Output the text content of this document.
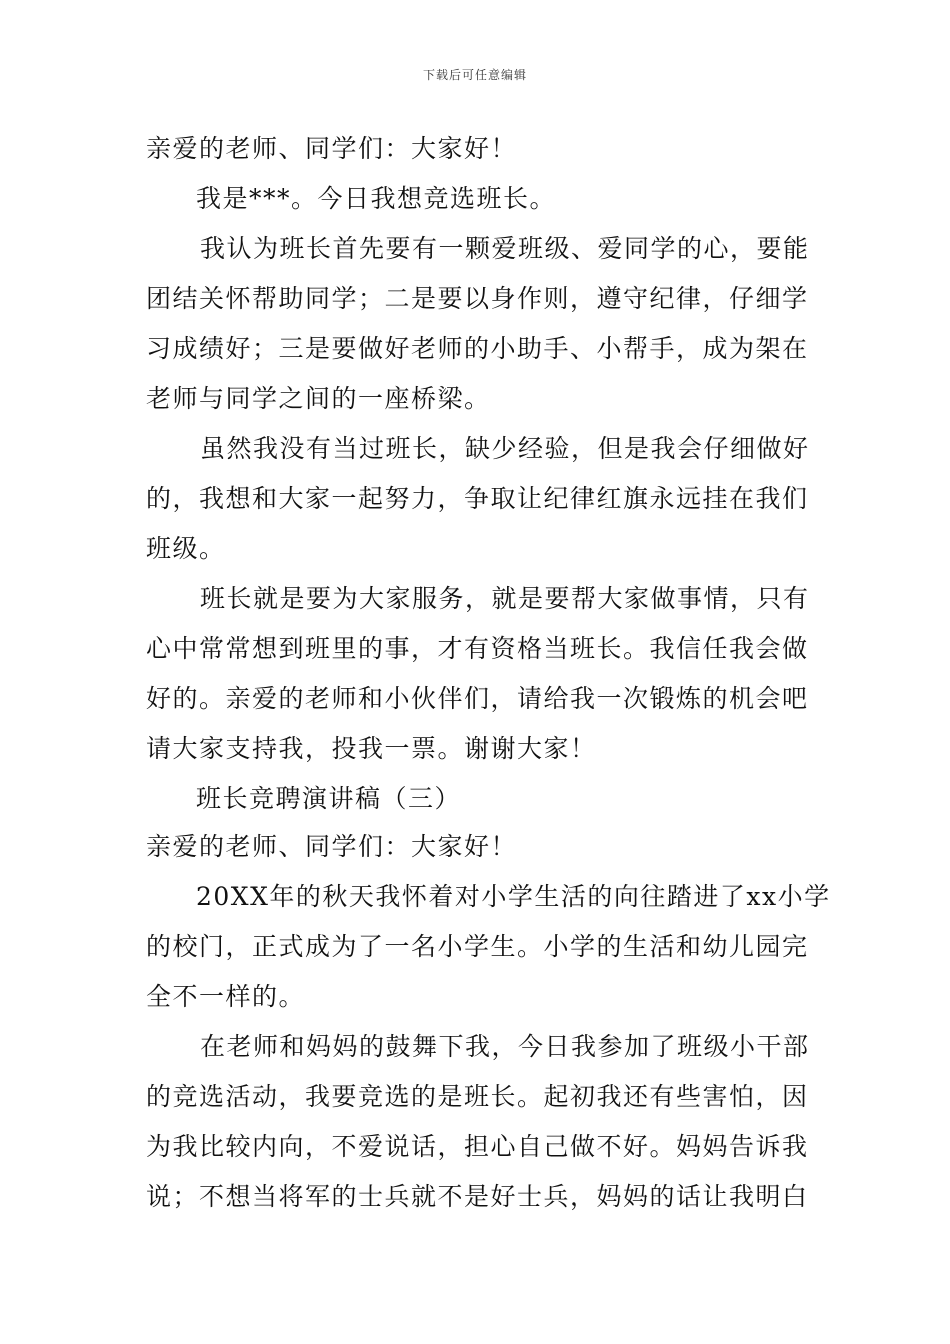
下载后可任意编辑
亲爱的老师、同学们：大家好！
我是***。今日我想竞选班长。
我认为班长首先要有一颗爱班级、爱同学的心，要能
团结关怀帮助同学；二是要以身作则，遵守纪律，仔细学
习成绩好；三是要做好老师的小助手、小帮手，成为架在
老师与同学之间的一座桥梁。
虽然我没有当过班长，缺少经验，但是我会仔细做好
的，我想和大家一起努力，争取让纪律红旗永远挂在我们
班级。
班长就是要为大家服务，就是要帮大家做事情，只有
心中常常想到班里的事，才有资格当班长。我信任我会做
好的。亲爱的老师和小伙伴们，请给我一次锻炼的机会吧
请大家支持我，投我一票。谢谢大家！
班长竞聘演讲稿（三）
亲爱的老师、同学们：大家好！
20XX年的秋天我怀着对小学生活的向往踏进了xx小学
的校门，正式成为了一名小学生。小学的生活和幼儿园完
全不一样的。
在老师和妈妈的鼓舞下我，今日我参加了班级小干部
的竞选活动，我要竞选的是班长。起初我还有些害怕，因
为我比较内向，不爱说话，担心自己做不好。妈妈告诉我
说；不想当将军的士兵就不是好士兵，妈妈的话让我明白
